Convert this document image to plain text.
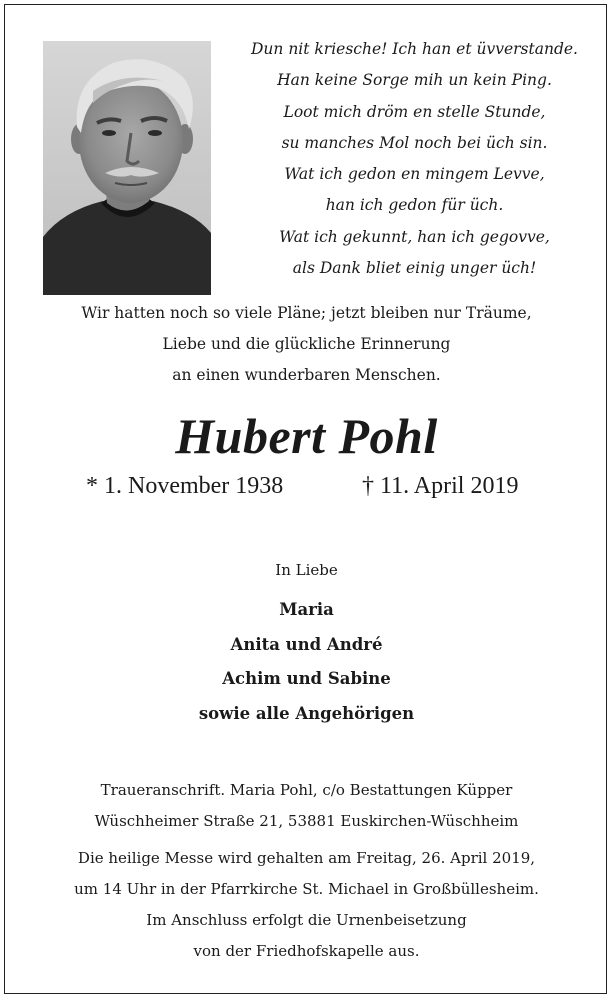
Dun nit kriesche! Ich han et üvverstande.
Han keine Sorge mih un kein Ping.
Loot mich dröm en stelle Stunde,
su manches Mol noch bei üch sin.
Wat ich gedon en mingem Levve,
han ich gedon für üch.
Wat ich gekunnt, han ich gegovve,
als Dank bliet einig unger üch!
Wir hatten noch so viele Pläne; jetzt bleiben nur Träume,
Liebe und die glückliche Erinnerung
an einen wunderbaren Menschen.
Hubert Pohl
* 1. November 1938	† 11. April 2019
In Liebe
Maria
Anita und André
Achim und Sabine
sowie alle Angehörigen
Traueranschrift. Maria Pohl, c/o Bestattungen Küpper
Wüschheimer Straße 21, 53881 Euskirchen-Wüschheim
Die heilige Messe wird gehalten am Freitag, 26. April 2019,
um 14 Uhr in der Pfarrkirche St. Michael in Großbüllesheim.
Im Anschluss erfolgt die Urnenbeisetzung
von der Friedhofskapelle aus.
